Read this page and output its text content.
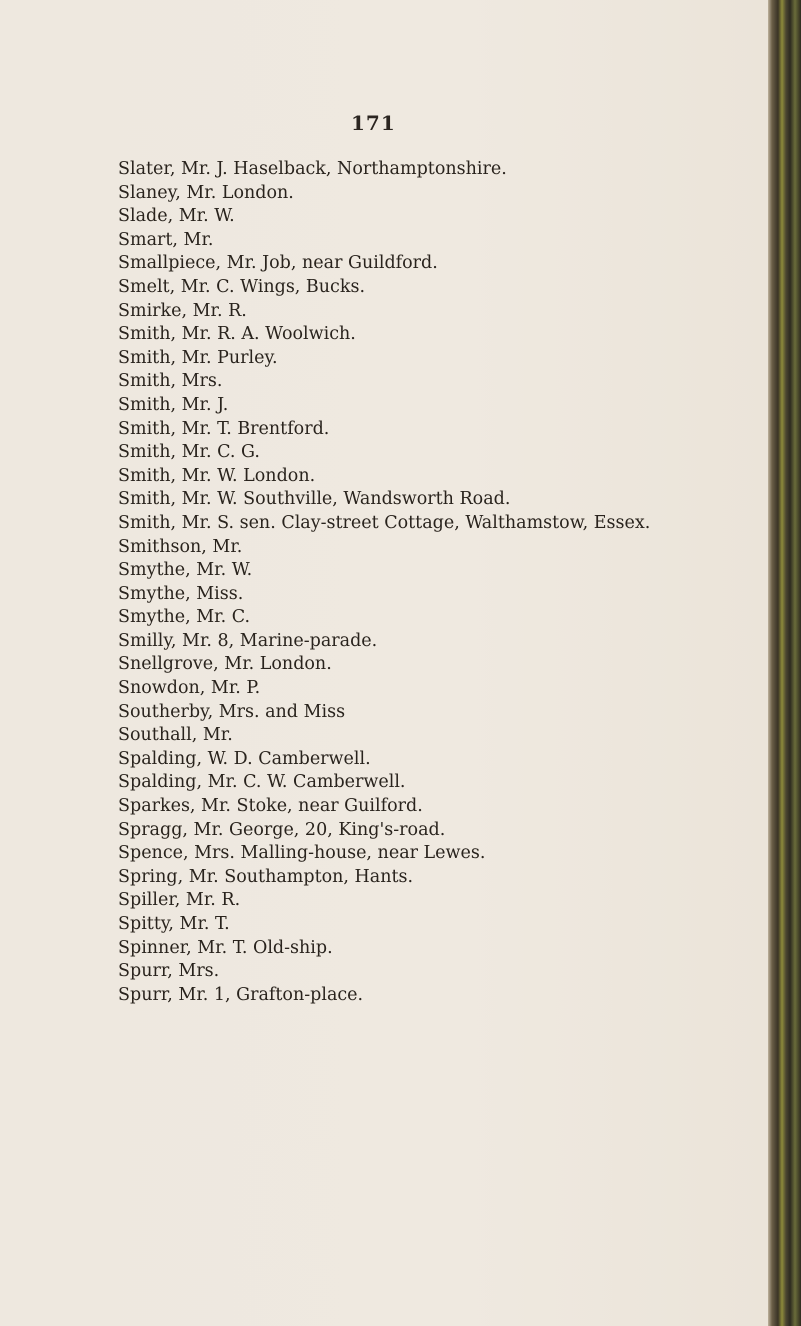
171
Slater, Mr. J. Haselback, Northamptonshire.
Slaney, Mr. London.
Slade, Mr. W.
Smart, Mr.
Smallpiece, Mr. Job, near Guildford.
Smelt, Mr. C. Wings, Bucks.
Smirke, Mr. R.
Smith, Mr. R. A. Woolwich.
Smith, Mr. Purley.
Smith, Mrs.
Smith, Mr. J.
Smith, Mr. T. Brentford.
Smith, Mr. C. G.
Smith, Mr. W. London.
Smith, Mr. W. Southville, Wandsworth Road.
Smith, Mr. S. sen. Clay-street Cottage, Walthamstow, Essex.
Smithson, Mr.
Smythe, Mr. W.
Smythe, Miss.
Smythe, Mr. C.
Smilly, Mr. 8, Marine-parade.
Snellgrove, Mr. London.
Snowdon, Mr. P.
Southerby, Mrs. and Miss
Southall, Mr.
Spalding, W. D. Camberwell.
Spalding, Mr. C. W. Camberwell.
Sparkes, Mr. Stoke, near Guilford.
Spragg, Mr. George, 20, King's-road.
Spence, Mrs. Malling-house, near Lewes.
Spring, Mr. Southampton, Hants.
Spiller, Mr. R.
Spitty, Mr. T.
Spinner, Mr. T. Old-ship.
Spurr, Mrs.
Spurr, Mr. 1, Grafton-place.
